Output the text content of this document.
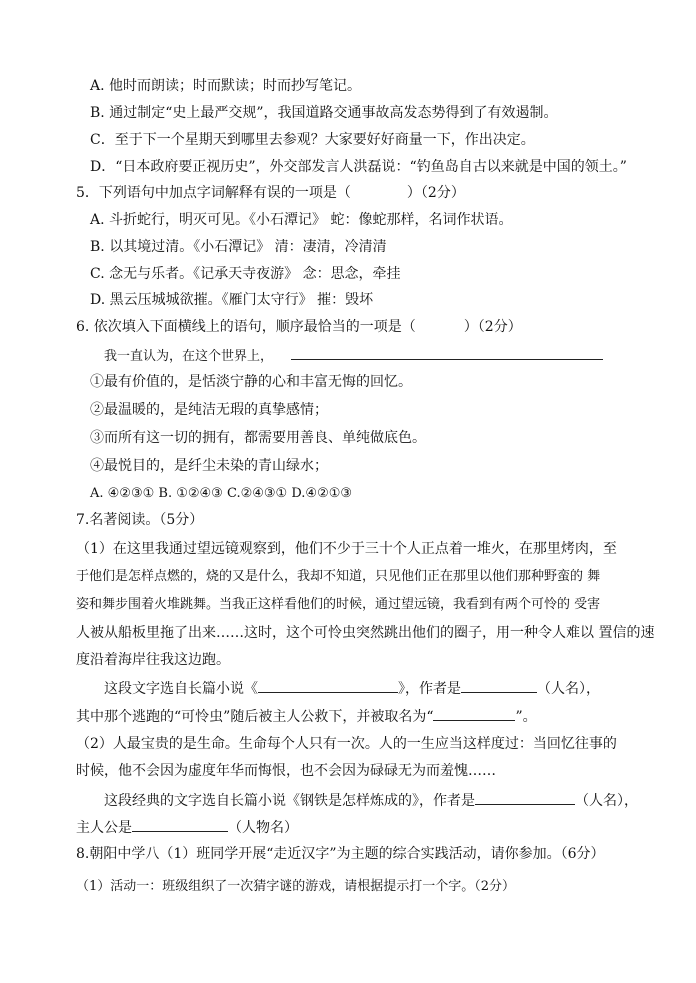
A. 他时而朗读；时而默读；时而抄写笔记。
B. 通过制定“史上最严交规”，我国道路交通事故高发态势得到了有效遏制。
C．至于下一个星期天到哪里去参观？大家要好好商量一下，作出决定。
D．“日本政府要正视历史”，外交部发言人洪磊说：“钓鱼岛自古以来就是中国的领土。”
5．下列语句中加点字词解释有误的一项是（	）（2分）
A. 斗折蛇行，明灭可见。《小石潭记》 蛇：像蛇那样，名词作状语。
B. 以其境过清。《小石潭记》 清：凄清，冷清清
C. 念无与乐者。《记承天寺夜游》 念：思念，牵挂
D. 黑云压城城欲摧。《雁门太守行》 摧：毁坏
6. 依次填入下面横线上的语句，顺序最恰当的一项是（	）（2分）
我一直认为，在这个世界上，
①最有价值的，是恬淡宁静的心和丰富无悔的回忆。
②最温暖的，是纯洁无瑕的真挚感情；
③而所有这一切的拥有，都需要用善良、单纯做底色。
④最悦目的，是纤尘未染的青山绿水；
A. ④②③① B. ①②④③ C.②④③① D.④②①③
7.名著阅读。（5分）
（1）在这里我通过望远镜观察到，他们不少于三十个人正点着一堆火，在那里烤肉，至
于他们是怎样点燃的，烧的又是什么，我却不知道，只见他们正在那里以他们那种野蛮的 舞
姿和舞步围着火堆跳舞。当我正这样看他们的时候，通过望远镜，我看到有两个可怜的 受害
人被从船板里拖了出来……这时，这个可怜虫突然跳出他们的圈子，用一种令人难以 置信的速
度沿着海岸往我这边跑。
这段文字选自长篇小说《	》，作者是	（人名），
其中那个逃跑的“可怜虫”随后被主人公救下，并被取名为“	”。
（2）人最宝贵的是生命。生命每个人只有一次。人的一生应当这样度过：当回忆往事的
时候，他不会因为虚度年华而悔恨，也不会因为碌碌无为而羞愧……
这段经典的文字选自长篇小说《钢铁是怎样炼成的》，作者是	（人名），
主人公是	（人物名）
8.朝阳中学八（1）班同学开展“走近汉字”为主题的综合实践活动，请你参加。（6分）
（1）活动一：班级组织了一次猜字谜的游戏，请根据提示打一个字。（2分）
